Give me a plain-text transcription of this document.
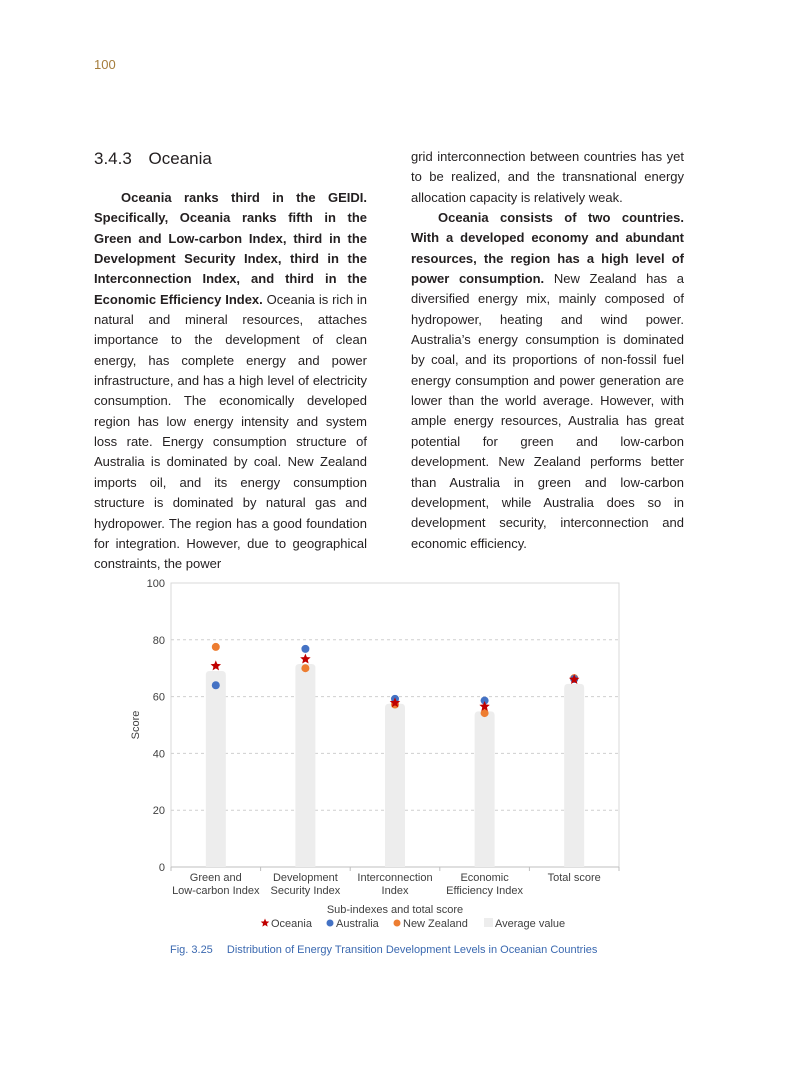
100
3.4.3 Oceania

Oceania ranks third in the GEIDI. Specifically, Oceania ranks fifth in the Green and Low-carbon Index, third in the Development Security Index, third in the Interconnection Index, and third in the Economic Efficiency Index. Oceania is rich in natural and mineral resources, attaches importance to the development of clean energy, has complete energy and power infrastructure, and has a high level of electricity consumption. The economically developed region has low energy intensity and system loss rate. Energy consumption structure of Australia is dominated by coal. New Zealand imports oil, and its energy consumption structure is dominated by natural gas and hydropower. The region has a good foundation for integration. However, due to geographical constraints, the power

grid interconnection between countries has yet to be realized, and the transnational energy allocation capacity is relatively weak.

Oceania consists of two countries. With a developed economy and abundant resources, the region has a high level of power consumption. New Zealand has a diversified energy mix, mainly composed of hydropower, heating and wind power. Australia’s energy consumption is dominated by coal, and its proportions of non-fossil fuel energy consumption and power generation are lower than the world average. However, with ample energy resources, Australia has great potential for green and low-carbon development. New Zealand performs better than Australia in green and low-carbon development, while Australia does so in development security, interconnection and economic efficiency.

0
20
40
60
80
100
Score
Green and
Low-carbon Index
Development
Security Index
Interconnection
Index
Economic
Efficiency Index
Total score
Sub-indexes and total score
Oceania Australia New Zealand Average value
Fig. 3.25 Distribution of Energy Transition Development Levels in Oceanian Countries
